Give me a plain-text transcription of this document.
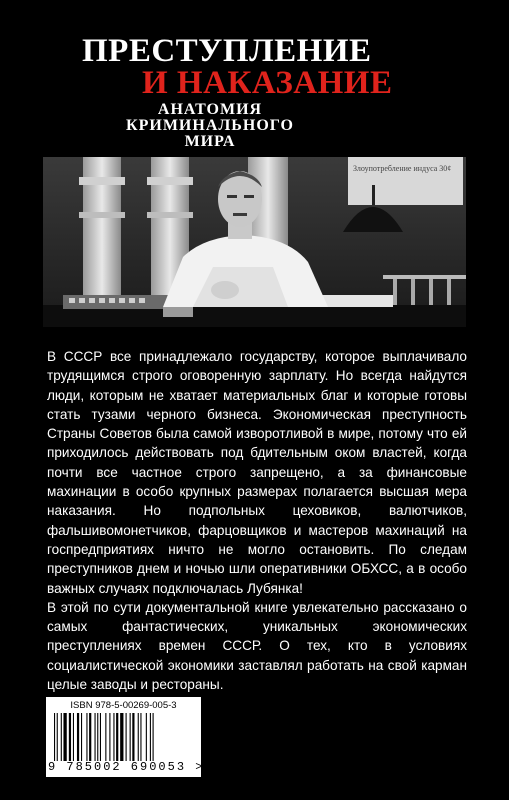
ПРЕСТУПЛЕНИЕ
И НАКАЗАНИЕ
АНАТОМИЯ
КРИМИНАЛЬНОГО
МИРА
Злоупотребление индуса 30¢

В СССР все принадлежало государству, которое выплачивало трудящимся строго оговоренную зарплату. Но всегда найдутся люди, которым не хватает материальных благ и которые готовы стать тузами черного бизнеса. Экономическая преступность Страны Советов была самой изворотливой в мире, потому что ей приходилось действовать под бдительным оком властей, когда почти все частное строго запрещено, а за финансовые махинации в особо крупных размерах полагается высшая мера наказания. Но подпольных цеховиков, валютчиков, фальшивомонетчиков, фарцовщиков и мастеров махинаций на госпредприятиях ничто не могло остановить. По следам преступников днем и ночью шли оперативники ОБХСС, а в особо важных случаях подключалась Лубянка!

В этой по сути документальной книге увлекательно рассказано о самых фантастических, уникальных экономических преступлениях времен СССР. О тех, кто в условиях социалистической экономики заставлял работать на свой карман целые заводы и рестораны.

ISBN 978-5-00269-005-3
9 785002 690053 >
